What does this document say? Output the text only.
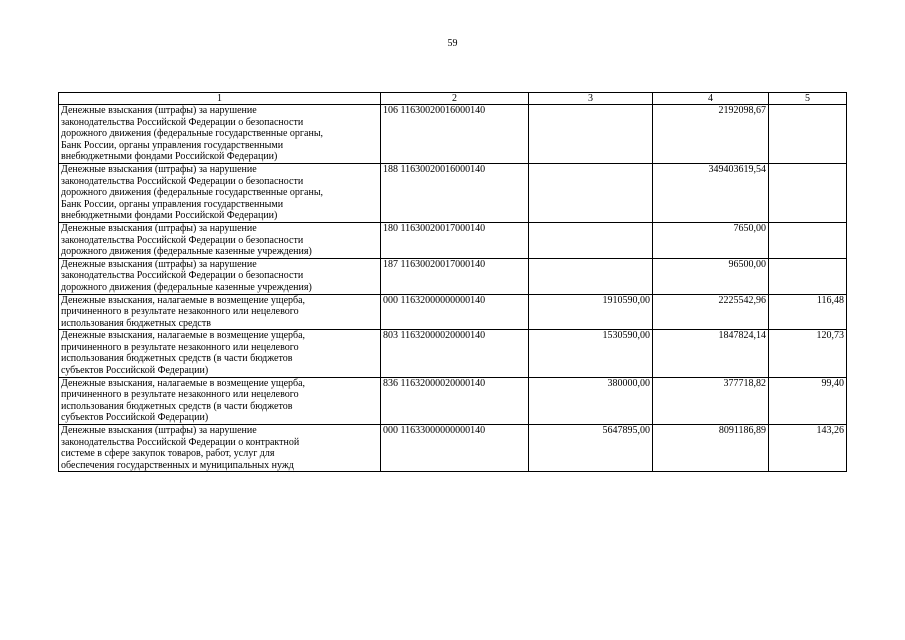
59
1	2	3	4	5

Денежные взыскания (штрафы) за нарушение
законодательства Российской Федерации о безопасности
дорожного движения (федеральные государственные органы,
Банк России, органы управления государственными
внебюджетными фондами Российской Федерации)	106 11630020016000140		2192098,67	

Денежные взыскания (штрафы) за нарушение
законодательства Российской Федерации о безопасности
дорожного движения (федеральные государственные органы,
Банк России, органы управления государственными
внебюджетными фондами Российской Федерации)	188 11630020016000140		349403619,54	

Денежные взыскания (штрафы) за нарушение
законодательства Российской Федерации о безопасности
дорожного движения (федеральные казенные учреждения)	180 11630020017000140		7650,00	

Денежные взыскания (штрафы) за нарушение
законодательства Российской Федерации о безопасности
дорожного движения (федеральные казенные учреждения)	187 11630020017000140		96500,00	

Денежные взыскания, налагаемые в возмещение ущерба,
причиненного в результате незаконного или нецелевого
использования бюджетных средств	000 11632000000000140	1910590,00	2225542,96	116,48

Денежные взыскания, налагаемые в возмещение ущерба,
причиненного в результате незаконного или нецелевого
использования бюджетных средств (в части бюджетов
субъектов Российской Федерации)	803 11632000020000140	1530590,00	1847824,14	120,73

Денежные взыскания, налагаемые в возмещение ущерба,
причиненного в результате незаконного или нецелевого
использования бюджетных средств (в части бюджетов
субъектов Российской Федерации)	836 11632000020000140	380000,00	377718,82	99,40

Денежные взыскания (штрафы) за нарушение
законодательства Российской Федерации о контрактной
системе в сфере закупок товаров, работ, услуг для
обеспечения государственных и муниципальных нужд	000 11633000000000140	5647895,00	8091186,89	143,26
